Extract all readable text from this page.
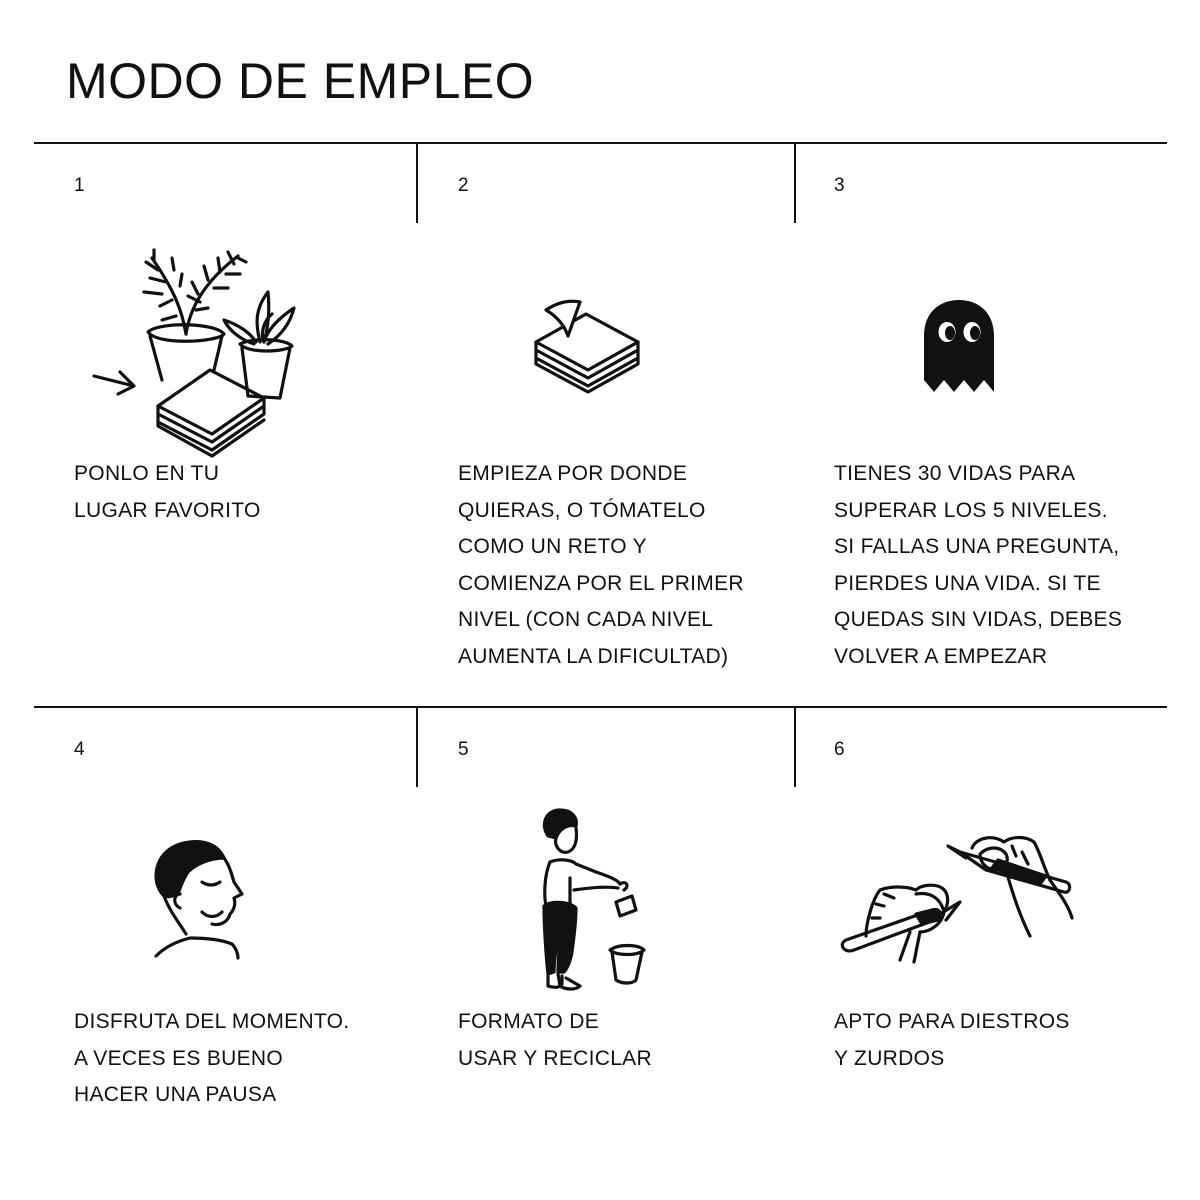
MODO DE EMPLEO
1

PONLO EN TU
LUGAR FAVORITO

2

EMPIEZA POR DONDE
QUIERAS, O TÓMATELO
COMO UN RETO Y
COMIENZA POR EL PRIMER
NIVEL (CON CADA NIVEL
AUMENTA LA DIFICULTAD)

3

TIENES 30 VIDAS PARA
SUPERAR LOS 5 NIVELES.
SI FALLAS UNA PREGUNTA,
PIERDES UNA VIDA. SI TE
QUEDAS SIN VIDAS, DEBES
VOLVER A EMPEZAR

4

DISFRUTA DEL MOMENTO.
A VECES ES BUENO
HACER UNA PAUSA

5

FORMATO DE
USAR Y RECICLAR

6

APTO PARA DIESTROS
Y ZURDOS
